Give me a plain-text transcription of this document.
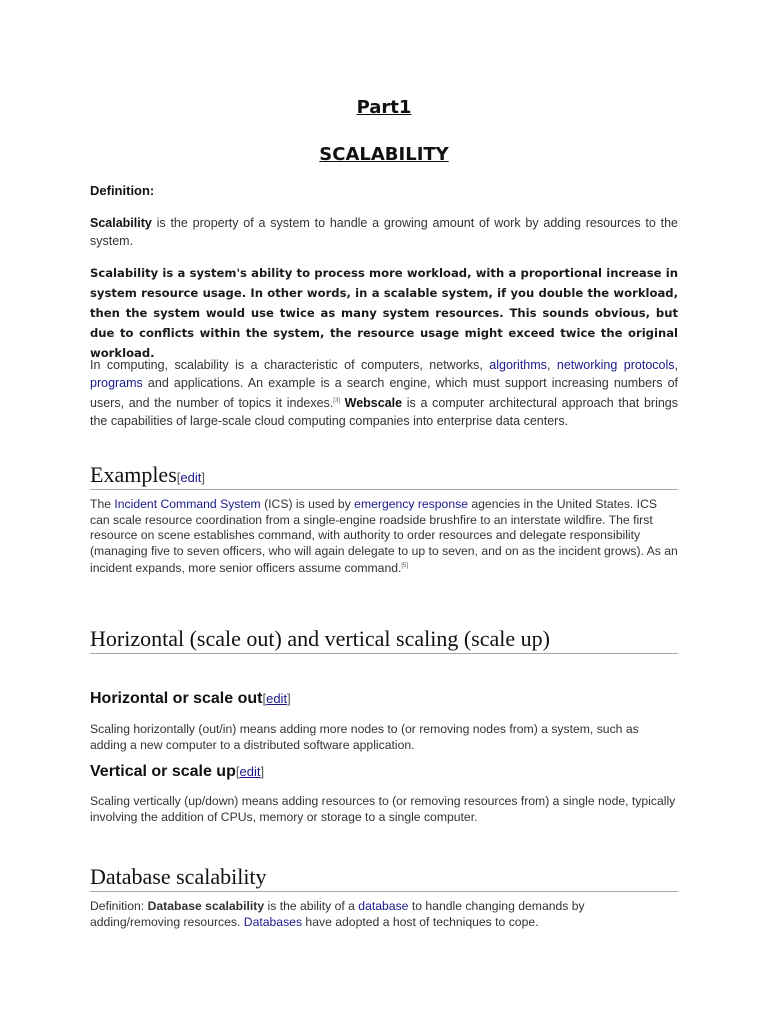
Part1
SCALABILITY
Definition:
Scalability is the property of a system to handle a growing amount of work by adding resources to the system.
Scalability is a system's ability to process more workload, with a proportional increase in system resource usage. In other words, in a scalable system, if you double the workload, then the system would use twice as many system resources. This sounds obvious, but due to conflicts within the system, the resource usage might exceed twice the original workload.
In computing, scalability is a characteristic of computers, networks, algorithms, networking protocols, programs and applications. An example is a search engine, which must support increasing numbers of users, and the number of topics it indexes.[3] Webscale is a computer architectural approach that brings the capabilities of large-scale cloud computing companies into enterprise data centers.
Examples[edit]
The Incident Command System (ICS) is used by emergency response agencies in the United States. ICS can scale resource coordination from a single-engine roadside brushfire to an interstate wildfire. The first resource on scene establishes command, with authority to order resources and delegate responsibility (managing five to seven officers, who will again delegate to up to seven, and on as the incident grows). As an incident expands, more senior officers assume command.[5]
Horizontal (scale out) and vertical scaling (scale up)
Horizontal or scale out[edit]
Scaling horizontally (out/in) means adding more nodes to (or removing nodes from) a system, such as adding a new computer to a distributed software application.
Vertical or scale up[edit]
Scaling vertically (up/down) means adding resources to (or removing resources from) a single node, typically involving the addition of CPUs, memory or storage to a single computer.
Database scalability
Definition: Database scalability is the ability of a database to handle changing demands by adding/removing resources. Databases have adopted a host of techniques to cope.
